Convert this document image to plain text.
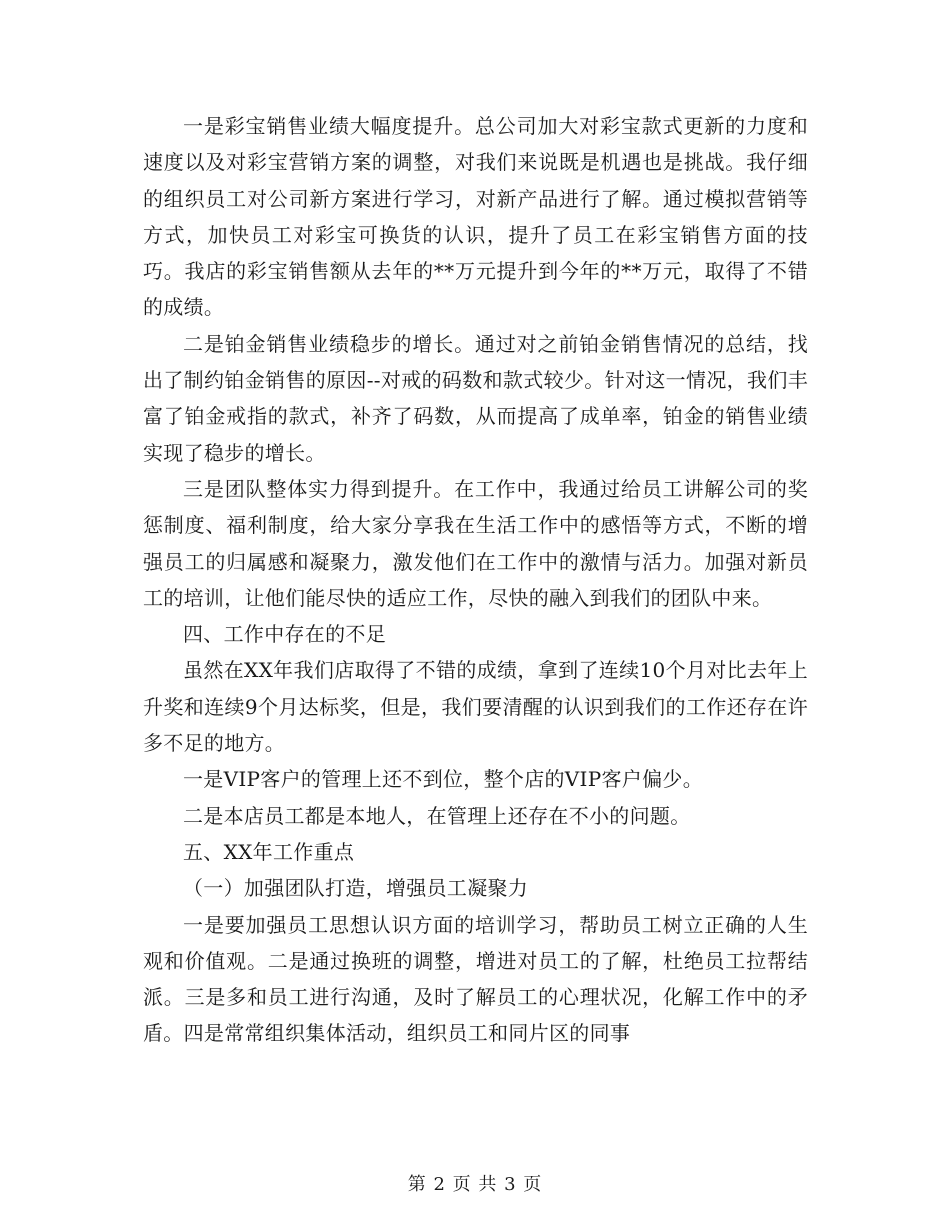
一是彩宝销售业绩大幅度提升。总公司加大对彩宝款式更新的力度和速度以及对彩宝营销方案的调整，对我们来说既是机遇也是挑战。我仔细的组织员工对公司新方案进行学习，对新产品进行了解。通过模拟营销等方式，加快员工对彩宝可换货的认识，提升了员工在彩宝销售方面的技巧。我店的彩宝销售额从去年的**万元提升到今年的**万元，取得了不错的成绩。

二是铂金销售业绩稳步的增长。通过对之前铂金销售情况的总结，找出了制约铂金销售的原因--对戒的码数和款式较少。针对这一情况，我们丰富了铂金戒指的款式，补齐了码数，从而提高了成单率，铂金的销售业绩实现了稳步的增长。

三是团队整体实力得到提升。在工作中，我通过给员工讲解公司的奖惩制度、福利制度，给大家分享我在生活工作中的感悟等方式，不断的增强员工的归属感和凝聚力，激发他们在工作中的激情与活力。加强对新员工的培训，让他们能尽快的适应工作，尽快的融入到我们的团队中来。

四、工作中存在的不足

虽然在XX年我们店取得了不错的成绩，拿到了连续10个月对比去年上升奖和连续9个月达标奖，但是，我们要清醒的认识到我们的工作还存在许多不足的地方。

一是VIP客户的管理上还不到位，整个店的VIP客户偏少。

二是本店员工都是本地人，在管理上还存在不小的问题。

五、XX年工作重点

（一）加强团队打造，增强员工凝聚力

一是要加强员工思想认识方面的培训学习，帮助员工树立正确的人生观和价值观。二是通过换班的调整，增进对员工的了解，杜绝员工拉帮结派。三是多和员工进行沟通，及时了解员工的心理状况，化解工作中的矛盾。四是常常组织集体活动，组织员工和同片区的同事

第 2 页 共 3 页
